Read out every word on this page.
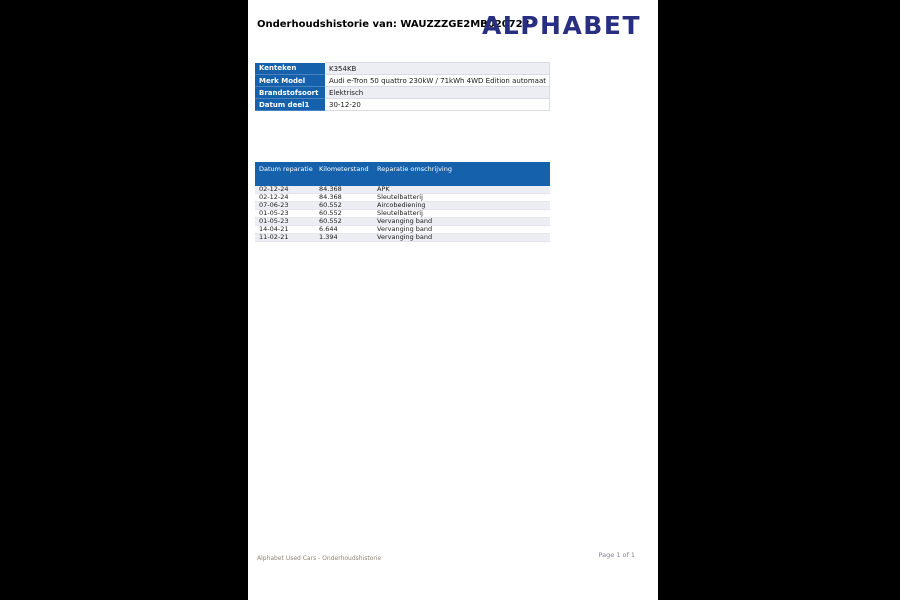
Onderhoudshistorie van: WAUZZZGE2MB020728
ALPHABET
Kenteken	K354KB
Merk Model	Audi e-Tron 50 quattro 230kW / 71kWh 4WD Edition automaat
Brandstofsoort	Elektrisch
Datum deel1	30-12-20
Datum reparatie	Kilometerstand	Reparatie omschrijving
02-12-24	84.368	APK
02-12-24	84.368	Sleutelbatterij
07-06-23	60.552	Aircobediening
01-05-23	60.552	Sleutelbatterij
01-05-23	60.552	Vervanging band
14-04-21	6.644	Vervanging band
11-02-21	1.394	Vervanging band
Alphabet Used Cars - Onderhoudshistorie	Page 1 of 1
